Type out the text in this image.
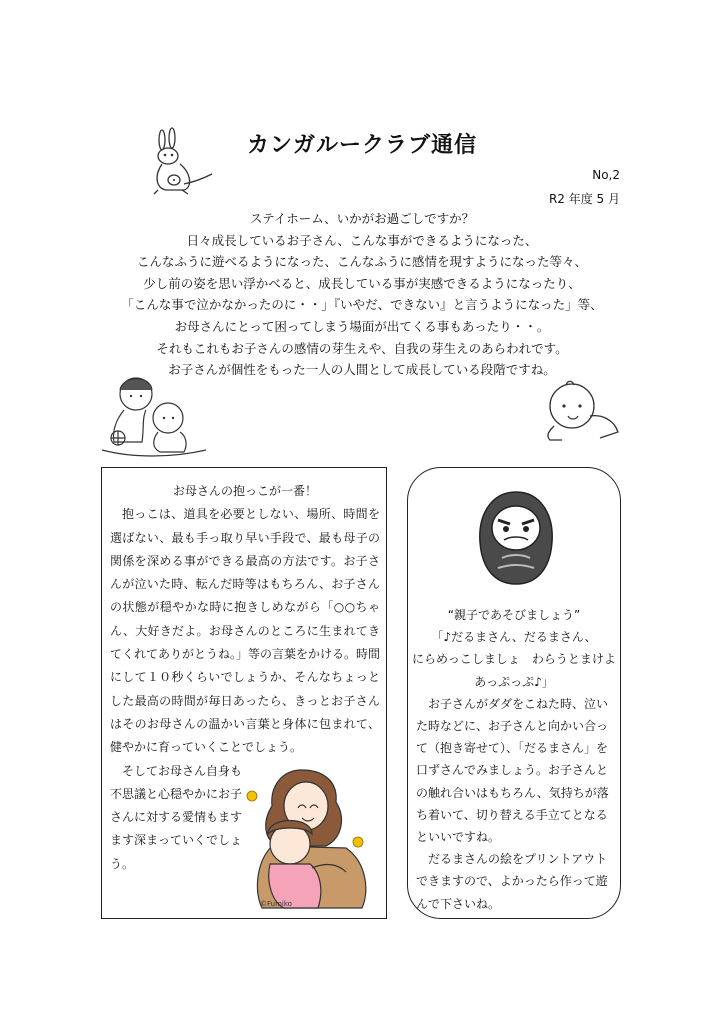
カンガルークラブ通信
No,2
R2 年度 5 月
ステイホーム、いかがお過ごしですか？
日々成長しているお子さん、こんな事ができるようになった、
こんなふうに遊べるようになった、こんなふうに感情を現すようになった等々、
少し前の姿を思い浮かべると、成長している事が実感できるようになったり、
「こんな事で泣かなかったのに・・」『いやだ、できない』と言うようになった」等、
お母さんにとって困ってしまう場面が出てくる事もあったり・・。
それもこれもお子さんの感情の芽生えや、自我の芽生えのあらわれです。
お子さんが個性をもった一人の人間として成長している段階ですね。
お母さんの抱っこが一番！

抱っこは、道具を必要としない、場所、時間を選ばない、最も手っ取り早い手段で、最も母子の関係を深める事ができる最高の方法です。お子さんが泣いた時、転んだ時等はもちろん、お子さんの状態が穏やかな時に抱きしめながら「○○ちゃん、大好きだよ。お母さんのところに生まれてきてくれてありがとうね。」等の言葉をかける。時間にして１０秒くらいでしょうか、そんなちょっとした最高の時間が毎日あったら、きっとお子さんはそのお母さんの温かい言葉と身体に包まれて、健やかに育っていくことでしょう。

そしてお母さん自身も不思議と心穏やかにお子さんに対する愛情もますます深まっていくでしょう。

©Fumiko
“親子であそびましょう”
「♪だるまさん、だるまさん、
にらめっこしましょ　わらうとまけよ
あっぷっぷ♪」

お子さんがダダをこねた時、泣いた時などに、お子さんと向かい合って（抱き寄せて）、「だるまさん」を口ずさんでみましょう。お子さんとの触れ合いはもちろん、気持ちが落ち着いて、切り替える手立てとなるといいですね。

だるまさんの絵をプリントアウトできますので、よかったら作って遊んで下さいね。
